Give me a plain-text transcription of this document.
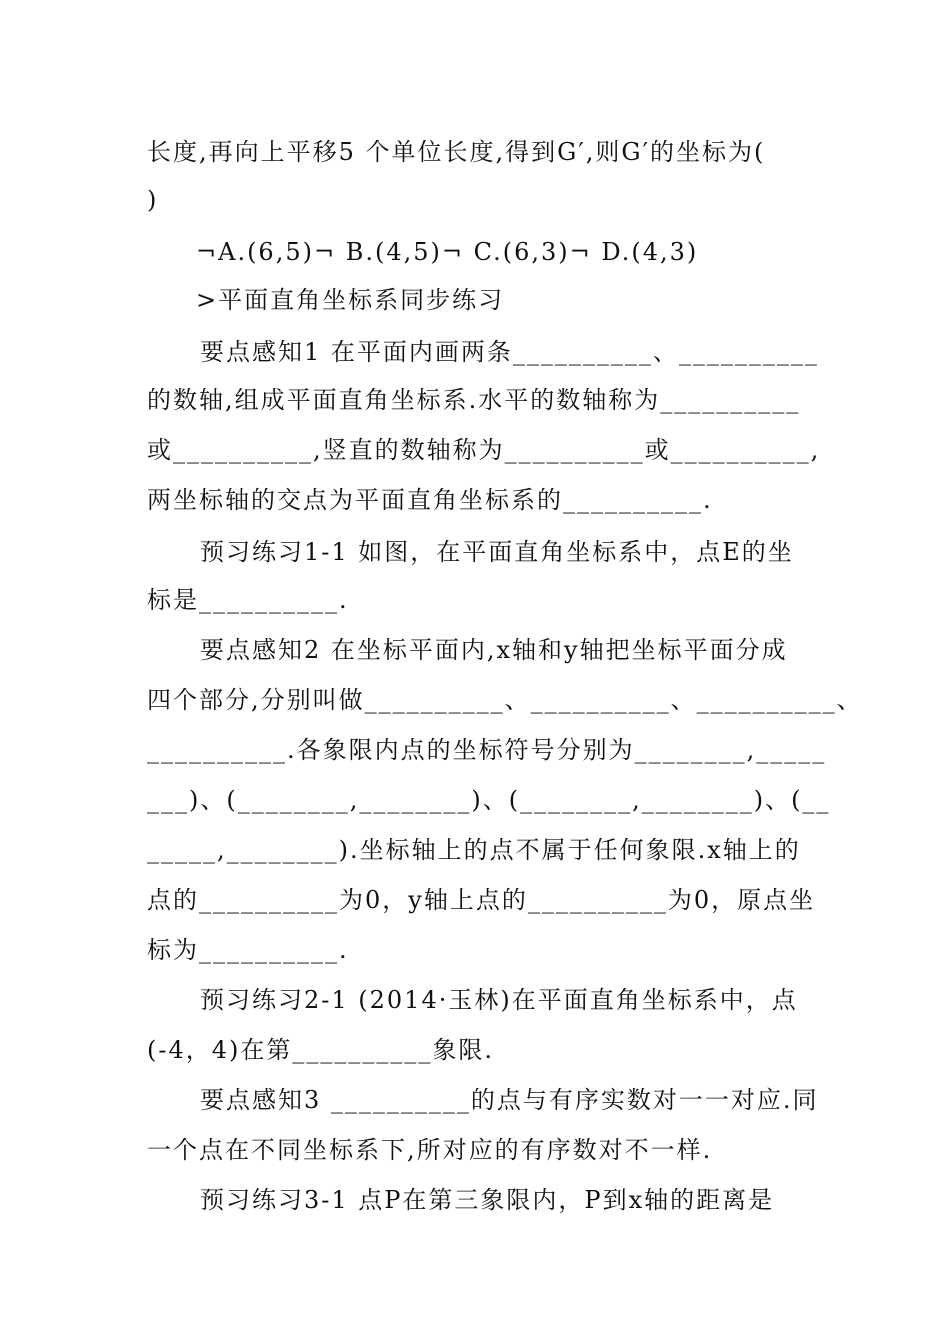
长度,再向上平移5 个单位长度,得到G′,则G′的坐标为(
)
¬A.(6,5)¬ B.(4,5)¬ C.(6,3)¬ D.(4,3)
>平面直角坐标系同步练习
要点感知1 在平面内画两条__________、__________
的数轴,组成平面直角坐标系.水平的数轴称为__________
或__________,竖直的数轴称为__________或__________,
两坐标轴的交点为平面直角坐标系的__________.
预习练习1-1 如图，在平面直角坐标系中，点E的坐
标是__________.
要点感知2 在坐标平面内,x轴和y轴把坐标平面分成
四个部分,分别叫做__________、__________、__________、
__________.各象限内点的坐标符号分别为________,_____
___)、(________,________)、(________,________)、(__
_____,________).坐标轴上的点不属于任何象限.x轴上的
点的__________为0，y轴上点的__________为0，原点坐
标为__________.
预习练习2-1 (2014·玉林)在平面直角坐标系中，点
(-4，4)在第__________象限.
要点感知3 __________的点与有序实数对一一对应.同
一个点在不同坐标系下,所对应的有序数对不一样.
预习练习3-1 点P在第三象限内，P到x轴的距离是
